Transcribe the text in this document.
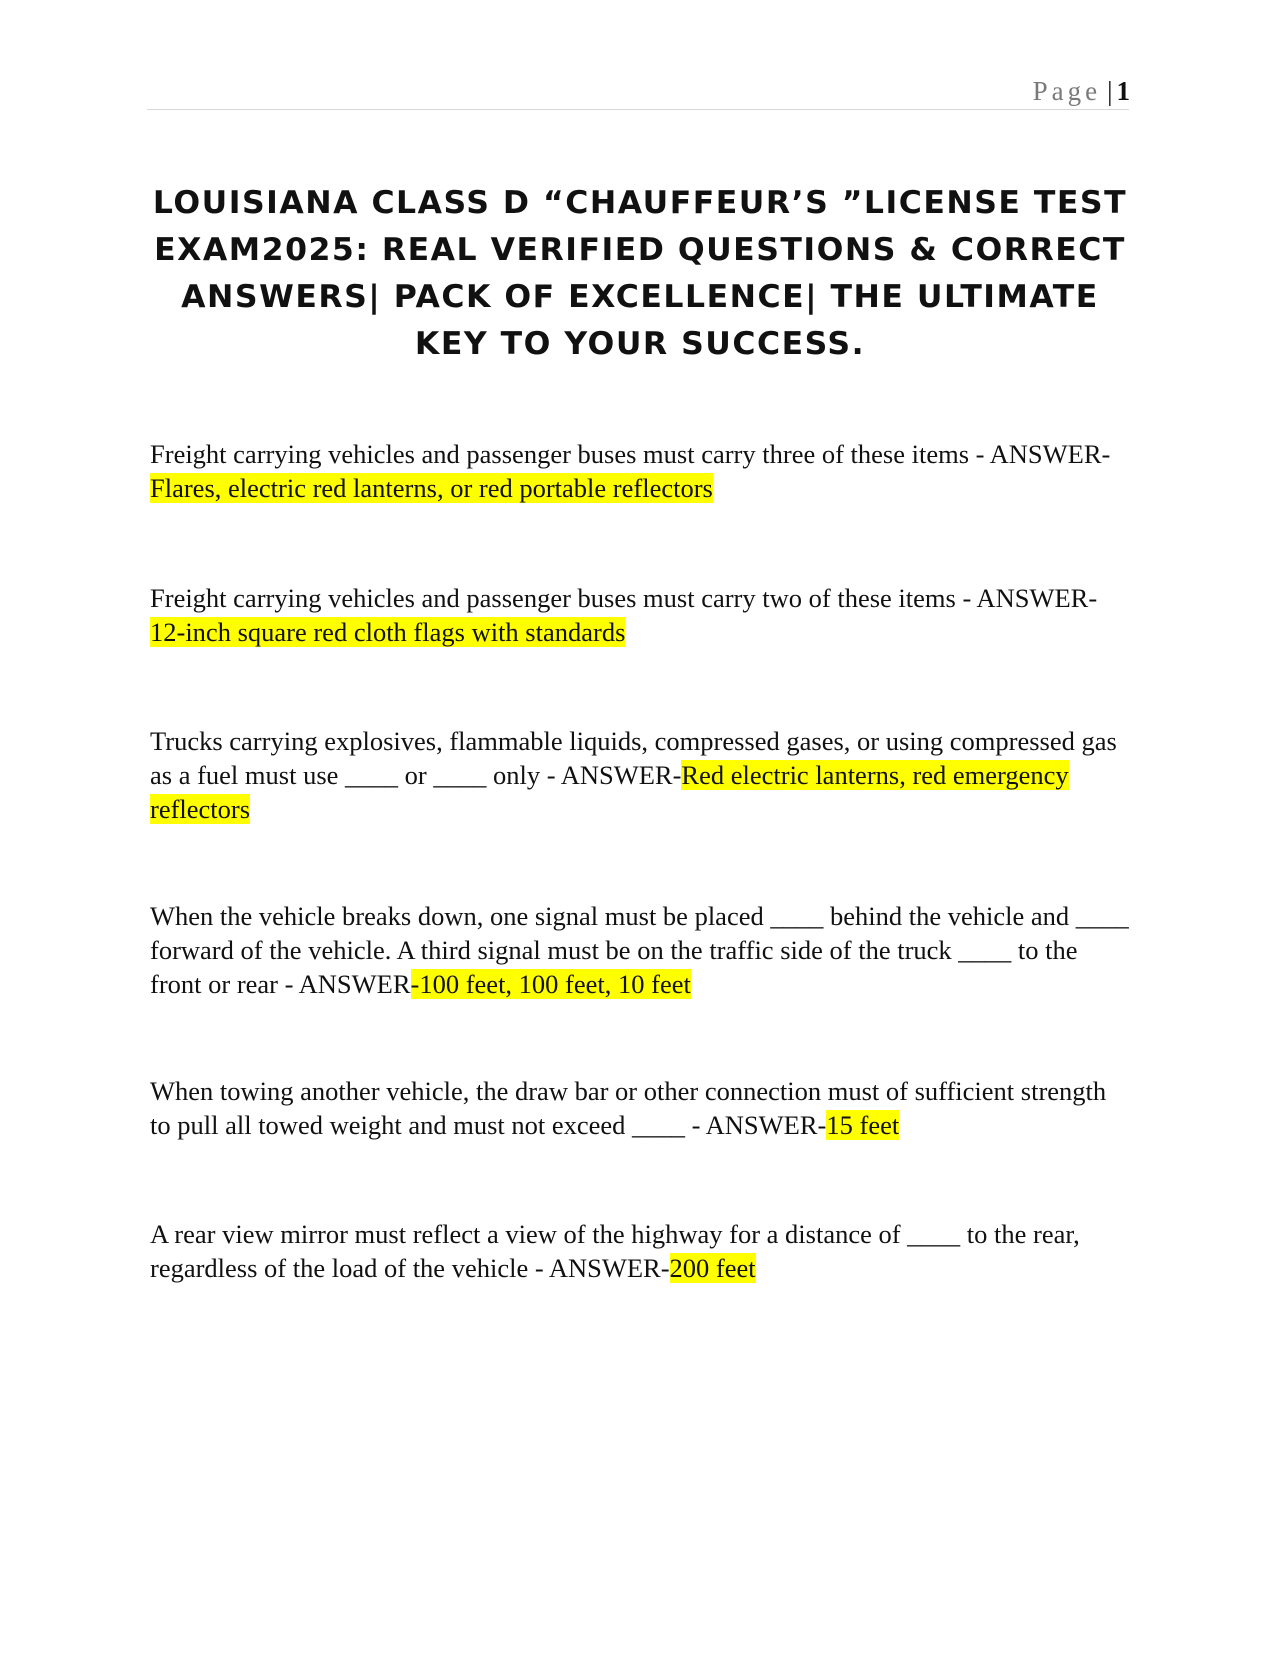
Page | 1
LOUISIANA CLASS D “CHAUFFEUR’S ”LICENSE TEST EXAM2025: REAL VERIFIED QUESTIONS & CORRECT ANSWERS| PACK OF EXCELLENCE| THE ULTIMATE KEY TO YOUR SUCCESS.

Freight carrying vehicles and passenger buses must carry three of these items - ANSWER-Flares, electric red lanterns, or red portable reflectors

Freight carrying vehicles and passenger buses must carry two of these items - ANSWER-12-inch square red cloth flags with standards

Trucks carrying explosives, flammable liquids, compressed gases, or using compressed gas as a fuel must use ____ or ____ only - ANSWER-Red electric lanterns, red emergency reflectors

When the vehicle breaks down, one signal must be placed ____ behind the vehicle and ____ forward of the vehicle. A third signal must be on the traffic side of the truck ____ to the front or rear - ANSWER-100 feet, 100 feet, 10 feet

When towing another vehicle, the draw bar or other connection must of sufficient strength to pull all towed weight and must not exceed ____ - ANSWER-15 feet

A rear view mirror must reflect a view of the highway for a distance of ____ to the rear, regardless of the load of the vehicle - ANSWER-200 feet
